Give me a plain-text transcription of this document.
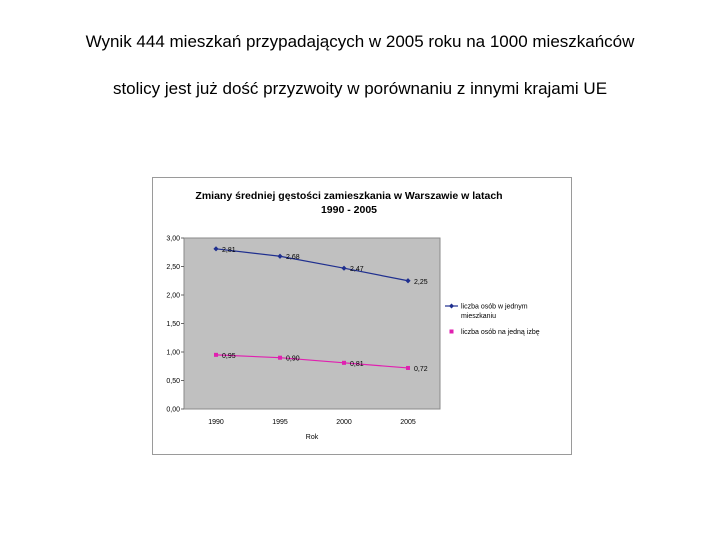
Wynik 444 mieszkań przypadających w 2005 roku na 1000 mieszkańców
stolicy jest już dość przyzwoity w porównaniu z innymi krajami UE
Zmiany średniej gęstości zamieszkania w Warszawie w latach
1990 - 2005
0,00
0,50
1,00
1,50
2,00
2,50
3,00
1990	1995	2000	2005
2,81
2,68
2,47
2,25
0,95	0,90
0,81
0,72
Rok
liczba osób w jednym
mieszkaniu
liczba osób na jedną izbę
